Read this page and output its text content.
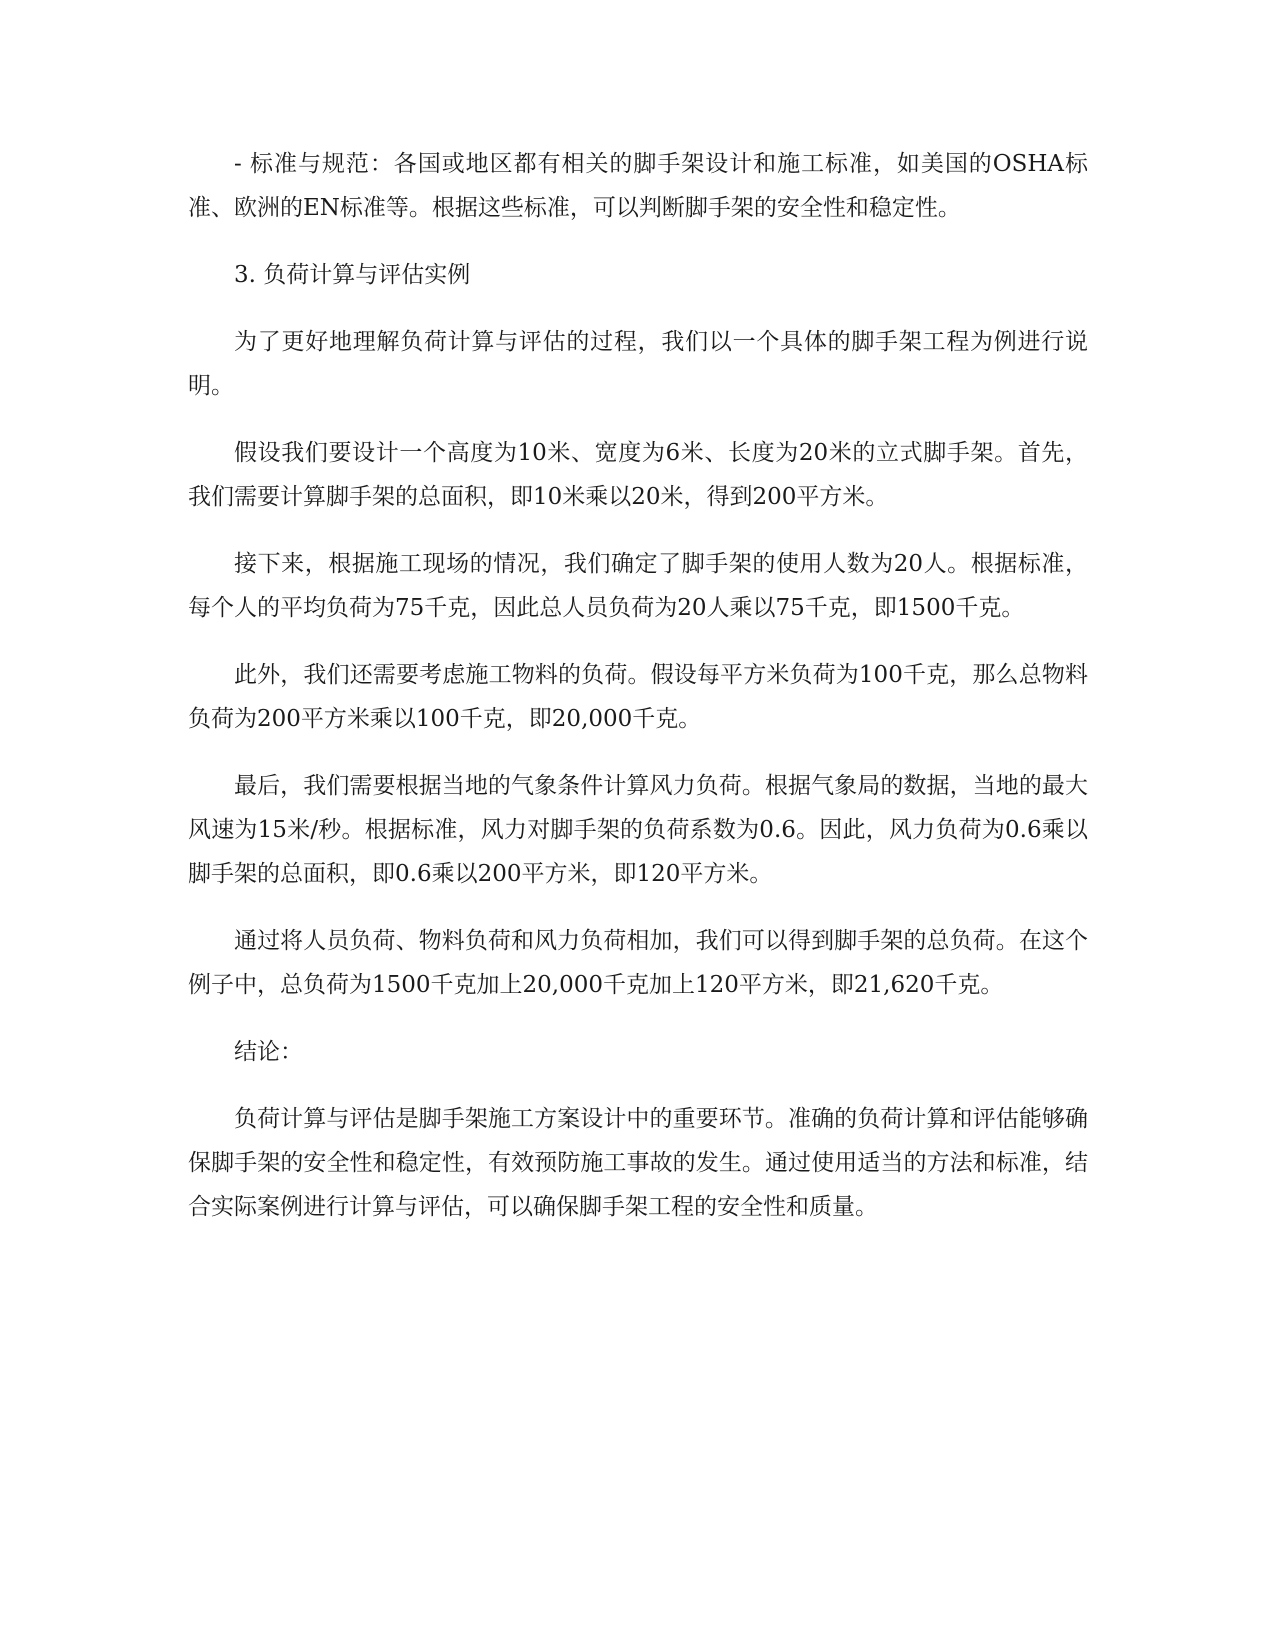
- 标准与规范：各国或地区都有相关的脚手架设计和施工标准，如美国的OSHA标准、欧洲的EN标准等。根据这些标准，可以判断脚手架的安全性和稳定性。

3. 负荷计算与评估实例

为了更好地理解负荷计算与评估的过程，我们以一个具体的脚手架工程为例进行说明。

假设我们要设计一个高度为10米、宽度为6米、长度为20米的立式脚手架。首先，我们需要计算脚手架的总面积，即10米乘以20米，得到200平方米。

接下来，根据施工现场的情况，我们确定了脚手架的使用人数为20人。根据标准，每个人的平均负荷为75千克，因此总人员负荷为20人乘以75千克，即1500千克。

此外，我们还需要考虑施工物料的负荷。假设每平方米负荷为100千克，那么总物料负荷为200平方米乘以100千克，即20,000千克。

最后，我们需要根据当地的气象条件计算风力负荷。根据气象局的数据，当地的最大风速为15米/秒。根据标准，风力对脚手架的负荷系数为0.6。因此，风力负荷为0.6乘以脚手架的总面积，即0.6乘以200平方米，即120平方米。

通过将人员负荷、物料负荷和风力负荷相加，我们可以得到脚手架的总负荷。在这个例子中，总负荷为1500千克加上20,000千克加上120平方米，即21,620千克。

结论：

负荷计算与评估是脚手架施工方案设计中的重要环节。准确的负荷计算和评估能够确保脚手架的安全性和稳定性，有效预防施工事故的发生。通过使用适当的方法和标准，结合实际案例进行计算与评估，可以确保脚手架工程的安全性和质量。
